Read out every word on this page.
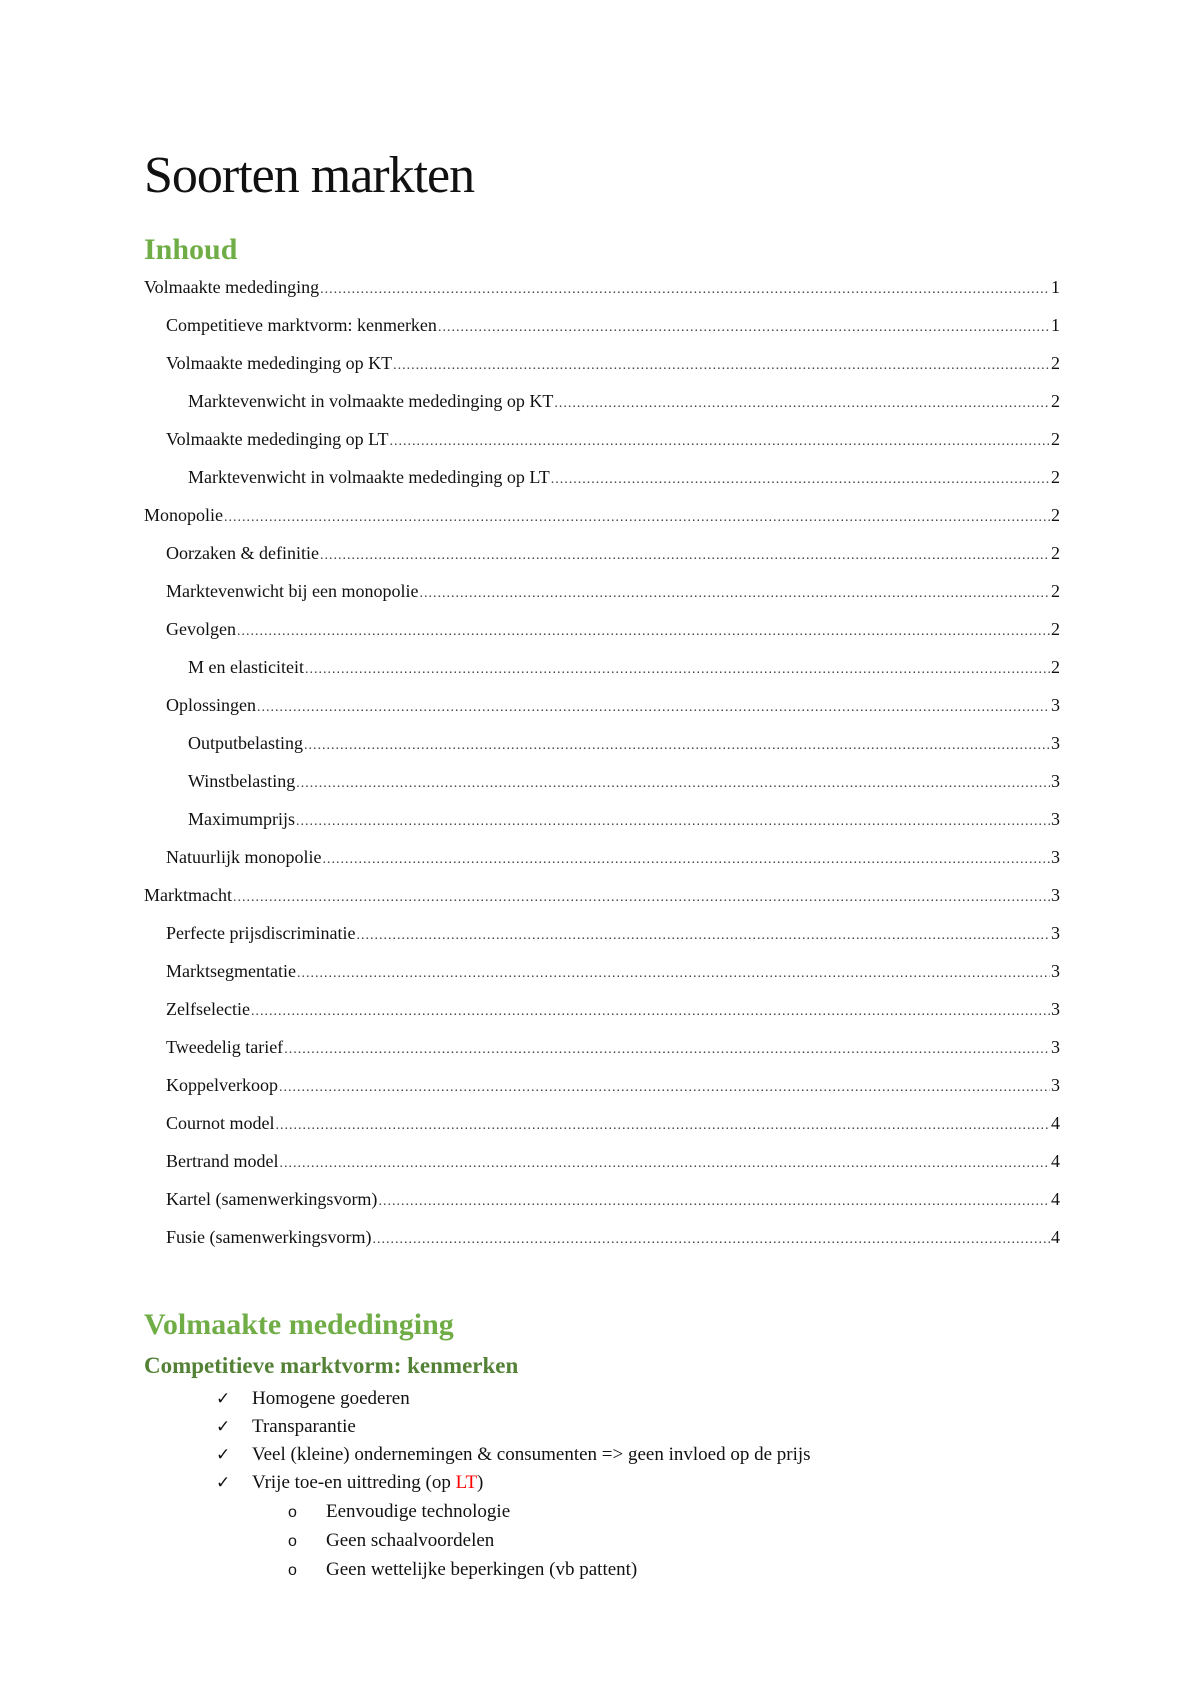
Soorten markten
Inhoud
Volmaakte mededinging .....	1
Competitieve marktvorm: kenmerken .....	1
Volmaakte mededinging op KT .....	2
Marktevenwicht in volmaakte mededinging op KT .....	2
Volmaakte mededinging op LT .....	2
Marktevenwicht in volmaakte mededinging op LT .....	2
Monopolie .....	2
Oorzaken & definitie .....	2
Marktevenwicht bij een monopolie .....	2
Gevolgen .....	2
M en elasticiteit .....	2
Oplossingen .....	3
Outputbelasting .....	3
Winstbelasting .....	3
Maximumprijs .....	3
Natuurlijk monopolie .....	3
Marktmacht .....	3
Perfecte prijsdiscriminatie .....	3
Marktsegmentatie .....	3
Zelfselectie .....	3
Tweedelig tarief .....	3
Koppelverkoop .....	3
Cournot model .....	4
Bertrand model .....	4
Kartel (samenwerkingsvorm) .....	4
Fusie (samenwerkingsvorm) .....	4
Volmaakte mededinging
Competitieve marktvorm: kenmerken
✓ Homogene goederen
✓ Transparantie
✓ Veel (kleine) ondernemingen & consumenten => geen invloed op de prijs
✓ Vrije toe-en uittreding (op LT)
o Eenvoudige technologie
o Geen schaalvoordelen
o Geen wettelijke beperkingen (vb pattent)
